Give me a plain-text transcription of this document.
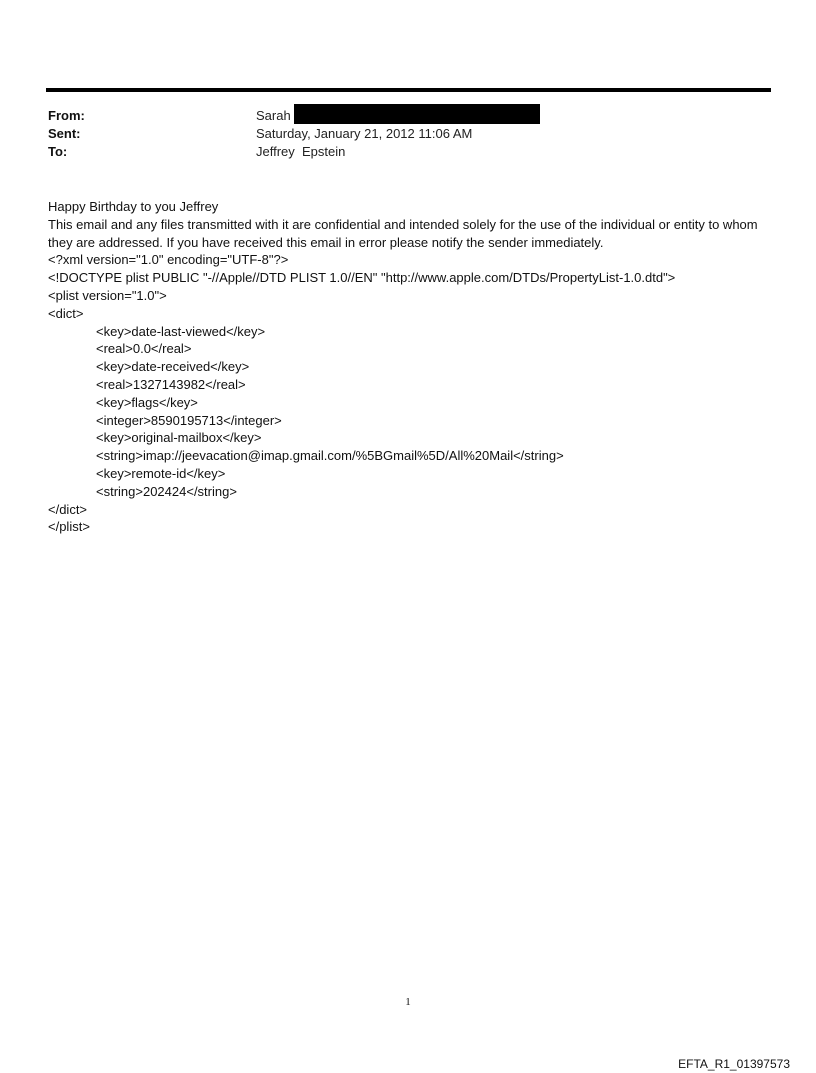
From:	Sarah
Sent:	Saturday, January 21, 2012 11:06 AM
To:	Jeffrey  Epstein
Happy Birthday to you Jeffrey
This email and any files transmitted with it are confidential and intended solely for the use of the individual or entity to whom they are addressed. If you have received this email in error please notify the sender immediately.
<?xml version="1.0" encoding="UTF-8"?>
<!DOCTYPE plist PUBLIC "-//Apple//DTD PLIST 1.0//EN" "http://www.apple.com/DTDs/PropertyList-1.0.dtd">
<plist version="1.0">
<dict>
<key>date-last-viewed</key>
<real>0.0</real>
<key>date-received</key>
<real>1327143982</real>
<key>flags</key>
<integer>8590195713</integer>
<key>original-mailbox</key>
<string>imap://jeevacation@imap.gmail.com/%5BGmail%5D/All%20Mail</string>
<key>remote-id</key>
<string>202424</string>
</dict>
</plist>
1
EFTA_R1_01397573
